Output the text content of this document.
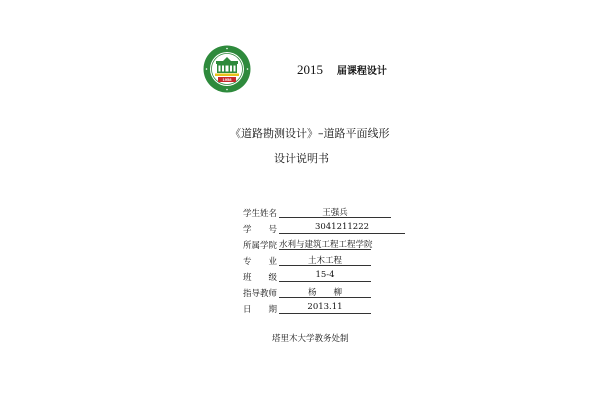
1958
2015 届课程设计
《道路勘测设计》–道路平面线形
设计说明书
学生姓名	王强兵
学　　号	3041211222
所属学院 水利与建筑工程工程学院
专　　业	土木工程
班　　级	15-4
指导教师	杨　　柳
日　　期	2013.11
塔里木大学教务处制
